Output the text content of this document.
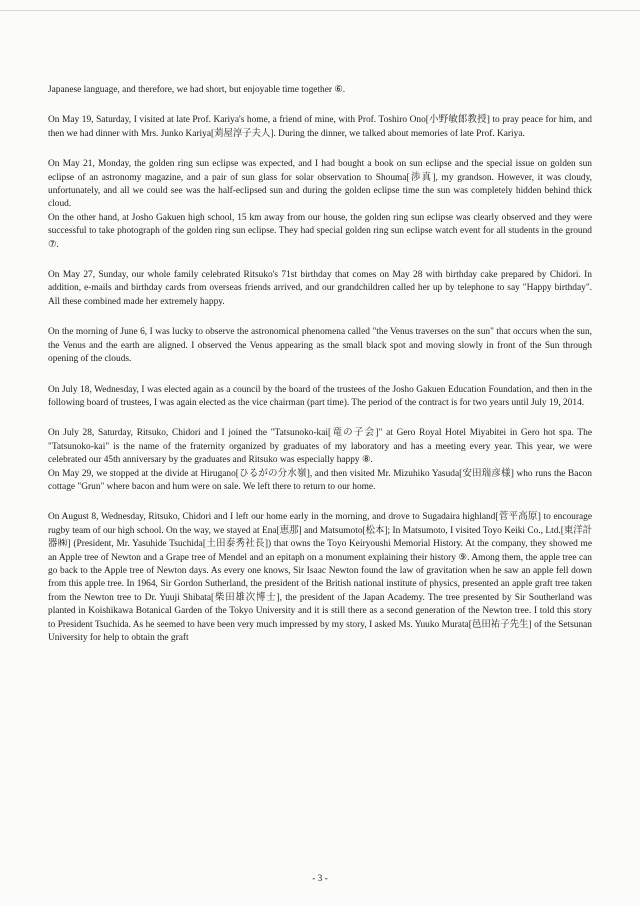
Japanese language, and therefore, we had short, but enjoyable time together ⑥.

On May 19, Saturday, I visited at late Prof. Kariya's home, a friend of mine, with Prof. Toshiro Ono[小野敏郎教授] to pray peace for him, and then we had dinner with Mrs. Junko Kariya[苅屋淳子夫人]. During the dinner, we talked about memories of late Prof. Kariya.

On May 21, Monday, the golden ring sun eclipse was expected, and I had bought a book on sun eclipse and the special issue on golden sun eclipse of an astronomy magazine, and a pair of sun glass for solar observation to Shouma[渉真], my grandson. However, it was cloudy, unfortunately, and all we could see was the half-eclipsed sun and during the golden eclipse time the sun was completely hidden behind thick cloud.

On the other hand, at Josho Gakuen high school, 15 km away from our house, the golden ring sun eclipse was clearly observed and they were successful to take photograph of the golden ring sun eclipse. They had special golden ring sun eclipse watch event for all students in the ground ⑦.

On May 27, Sunday, our whole family celebrated Ritsuko's 71st birthday that comes on May 28 with birthday cake prepared by Chidori. In addition, e-mails and birthday cards from overseas friends arrived, and our grandchildren called her up by telephone to say "Happy birthday". All these combined made her extremely happy.

On the morning of June 6, I was lucky to observe the astronomical phenomena called "the Venus traverses on the sun" that occurs when the sun, the Venus and the earth are aligned. I observed the Venus appearing as the small black spot and moving slowly in front of the Sun through opening of the clouds.

On July 18, Wednesday, I was elected again as a council by the board of the trustees of the Josho Gakuen Education Foundation, and then in the following board of trustees, I was again elected as the vice chairman (part time). The period of the contract is for two years until July 19, 2014.

On July 28, Saturday, Ritsuko, Chidori and I joined the "Tatsunoko-kai[竜の子会]" at Gero Royal Hotel Miyabitei in Gero hot spa. The "Tatsunoko-kai" is the name of the fraternity organized by graduates of my laboratory and has a meeting every year. This year, we were celebrated our 45th anniversary by the graduates and Ritsuko was especially happy ⑧.

On May 29, we stopped at the divide at Hirugano[ひるがの分水嶺], and then visited Mr. Mizuhiko Yasuda[安田瑞彦様] who runs the Bacon cottage "Grun" where bacon and hum were on sale. We left there to return to our home.

On August 8, Wednesday, Ritsuko, Chidori and I left our home early in the morning, and drove to Sugadaira highland[菅平高原] to encourage rugby team of our high school. On the way, we stayed at Ena[恵那] and Matsumoto[松本]; In Matsumoto, I visited Toyo Keiki Co., Ltd.[東洋計器㈱] (President, Mr. Yasuhide Tsuchida[土田泰秀社長]) that owns the Toyo Keiryoushi Memorial History. At the company, they showed me an Apple tree of Newton and a Grape tree of Mendel and an epitaph on a monument explaining their history ⑨. Among them, the apple tree can go back to the Apple tree of Newton days. As every one knows, Sir Isaac Newton found the law of gravitation when he saw an apple fell down from this apple tree. In 1964, Sir Gordon Sutherland, the president of the British national institute of physics, presented an apple graft tree taken from the Newton tree to Dr. Yuuji Shibata[柴田雄次博士], the president of the Japan Academy. The tree presented by Sir Southerland was planted in Koishikawa Botanical Garden of the Tokyo University and it is still there as a second generation of the Newton tree. I told this story to President Tsuchida. As he seemed to have been very much impressed by my story, I asked Ms. Yuuko Murata[邑田祐子先生] of the Setsunan University for help to obtain the graft

- 3 -
